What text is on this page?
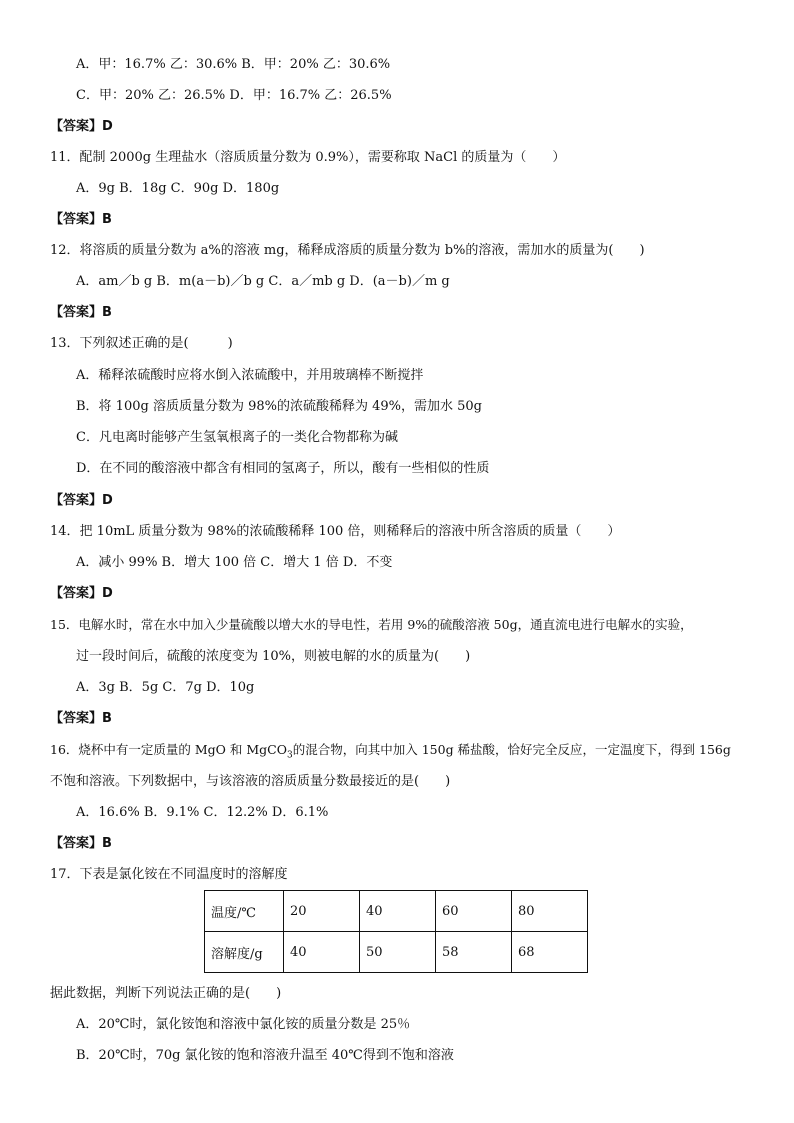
A．甲：16.7% 乙：30.6% B．甲：20% 乙：30.6%
C．甲：20% 乙：26.5% D．甲：16.7% 乙：26.5%
【答案】D
11．配制 2000g 生理盐水（溶质质量分数为 0.9%），需要称取 NaCl 的质量为（　　）
A．9g B．18g C．90g D．180g
【答案】B
12．将溶质的质量分数为 a%的溶液 mg，稀释成溶质的质量分数为 b%的溶液，需加水的质量为(　　)
A．am／b g B．m(a－b)／b g C．a／mb g D．(a－b)／m g
【答案】B
13．下列叙述正确的是(　　　)
A．稀释浓硫酸时应将水倒入浓硫酸中，并用玻璃棒不断搅拌
B．将 100g 溶质质量分数为 98%的浓硫酸稀释为 49%，需加水 50g
C．凡电离时能够产生氢氧根离子的一类化合物都称为碱
D．在不同的酸溶液中都含有相同的氢离子，所以，酸有一些相似的性质
【答案】D
14．把 10mL 质量分数为 98%的浓硫酸稀释 100 倍，则稀释后的溶液中所含溶质的质量（　　）
A．减小 99% B．增大 100 倍 C．增大 1 倍 D．不变
【答案】D
15．电解水时，常在水中加入少量硫酸以增大水的导电性，若用 9%的硫酸溶液 50g，通直流电进行电解水的实验，
过一段时间后，硫酸的浓度变为 10%，则被电解的水的质量为(　　)
A．3g B．5g C．7g D．10g
【答案】B
16．烧杯中有一定质量的 MgO 和 MgCO$_3$的混合物，向其中加入 150g 稀盐酸，恰好完全反应，一定温度下，得到 156g
不饱和溶液。下列数据中，与该溶液的溶质质量分数最接近的是(　　)
A．16.6% B．9.1% C．12.2% D．6.1%
【答案】B
17．下表是氯化铵在不同温度时的溶解度
温度/℃	20	40	60	80
溶解度/g	40	50	58	68
据此数据，判断下列说法正确的是(　　)
A．20℃时，氯化铵饱和溶液中氯化铵的质量分数是 25％
B．20℃时，70g 氯化铵的饱和溶液升温至 40℃得到不饱和溶液
